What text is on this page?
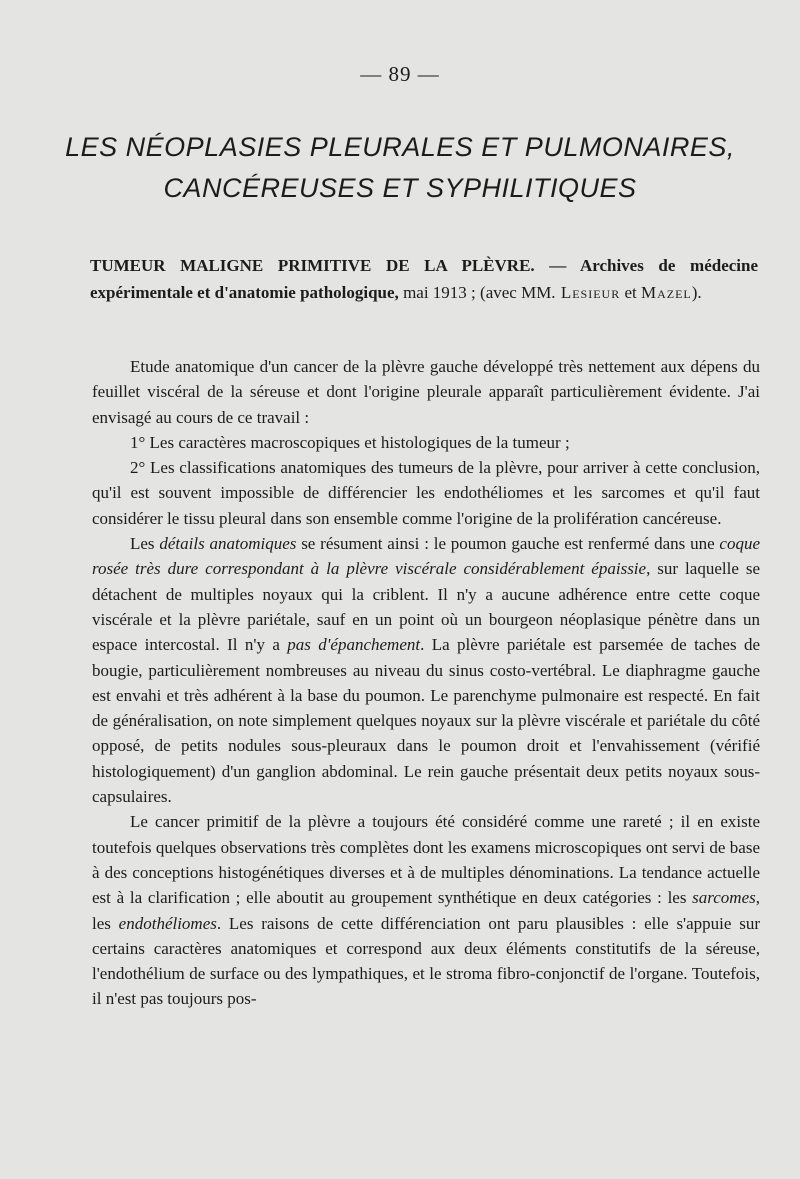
— 89 —
LES NÉOPLASIES PLEURALES ET PULMONAIRES,
CANCÉREUSES ET SYPHILITIQUES
TUMEUR MALIGNE PRIMITIVE DE LA PLÈVRE. — Archives de médecine expérimentale et d'anatomie pathologique, mai 1913 ; (avec MM. Lesieur et Mazel).

Etude anatomique d'un cancer de la plèvre gauche développé très nettement aux dépens du feuillet viscéral de la séreuse et dont l'origine pleurale apparaît particulièrement évidente. J'ai envisagé au cours de ce travail :

1° Les caractères macroscopiques et histologiques de la tumeur ;

2° Les classifications anatomiques des tumeurs de la plèvre, pour arriver à cette conclusion, qu'il est souvent impossible de différencier les endothéliomes et les sarcomes et qu'il faut considérer le tissu pleural dans son ensemble comme l'origine de la prolifération cancéreuse.

Les détails anatomiques se résument ainsi : le poumon gauche est renfermé dans une coque rosée très dure correspondant à la plèvre viscérale considérablement épaissie, sur laquelle se détachent de multiples noyaux qui la criblent. Il n'y a aucune adhérence entre cette coque viscérale et la plèvre pariétale, sauf en un point où un bourgeon néoplasique pénètre dans un espace intercostal. Il n'y a pas d'épanchement. La plèvre pariétale est parsemée de taches de bougie, particulièrement nombreuses au niveau du sinus costo-vertébral. Le diaphragme gauche est envahi et très adhérent à la base du poumon. Le parenchyme pulmonaire est respecté. En fait de généralisation, on note simplement quelques noyaux sur la plèvre viscérale et pariétale du côté opposé, de petits nodules sous-pleuraux dans le poumon droit et l'envahissement (vérifié histologiquement) d'un ganglion abdominal. Le rein gauche présentait deux petits noyaux sous-capsulaires.

Le cancer primitif de la plèvre a toujours été considéré comme une rareté ; il en existe toutefois quelques observations très complètes dont les examens microscopiques ont servi de base à des conceptions histogénétiques diverses et à de multiples dénominations. La tendance actuelle est à la clarification ; elle aboutit au groupement synthétique en deux catégories : les sarcomes, les endothéliomes. Les raisons de cette différenciation ont paru plausibles : elle s'appuie sur certains caractères anatomiques et correspond aux deux éléments constitutifs de la séreuse, l'endothélium de surface ou des lympathiques, et le stroma fibro-conjonctif de l'organe. Toutefois, il n'est pas toujours pos-
